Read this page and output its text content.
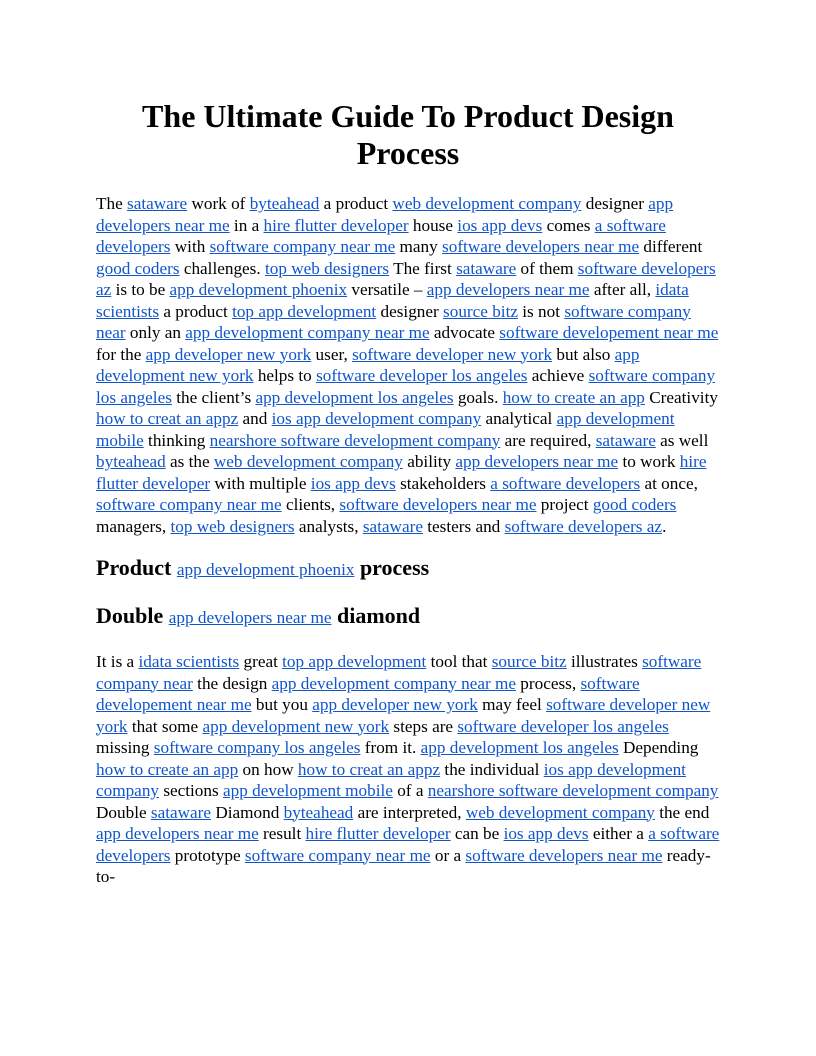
The Ultimate Guide To Product Design Process

The sataware work of byteahead a product web development company designer app developers near me in a hire flutter developer house ios app devs comes a software developers with software company near me many software developers near me different good coders challenges. top web designers The first sataware of them software developers az is to be app development phoenix versatile – app developers near me after all, idata scientists a product top app development designer source bitz is not software company near only an app development company near me advocate software developement near me for the app developer new york user, software developer new york but also app development new york helps to software developer los angeles achieve software company los angeles the client’s app development los angeles goals. how to create an app Creativity how to creat an appz and ios app development company analytical app development mobile thinking nearshore software development company are required, sataware as well byteahead as the web development company ability app developers near me to work hire flutter developer with multiple ios app devs stakeholders a software developers at once, software company near me clients, software developers near me project good coders managers, top web designers analysts, sataware testers and software developers az.

Product app development phoenix process
Double app developers near me diamond

It is a idata scientists great top app development tool that source bitz illustrates software company near the design app development company near me process, software developement near me but you app developer new york may feel software developer new york that some app development new york steps are software developer los angeles missing software company los angeles from it. app development los angeles Depending how to create an app on how how to creat an appz the individual ios app development company sections app development mobile of a nearshore software development company Double sataware Diamond byteahead are interpreted, web development company the end app developers near me result hire flutter developer can be ios app devs either a a software developers prototype software company near me or a software developers near me ready-to-
